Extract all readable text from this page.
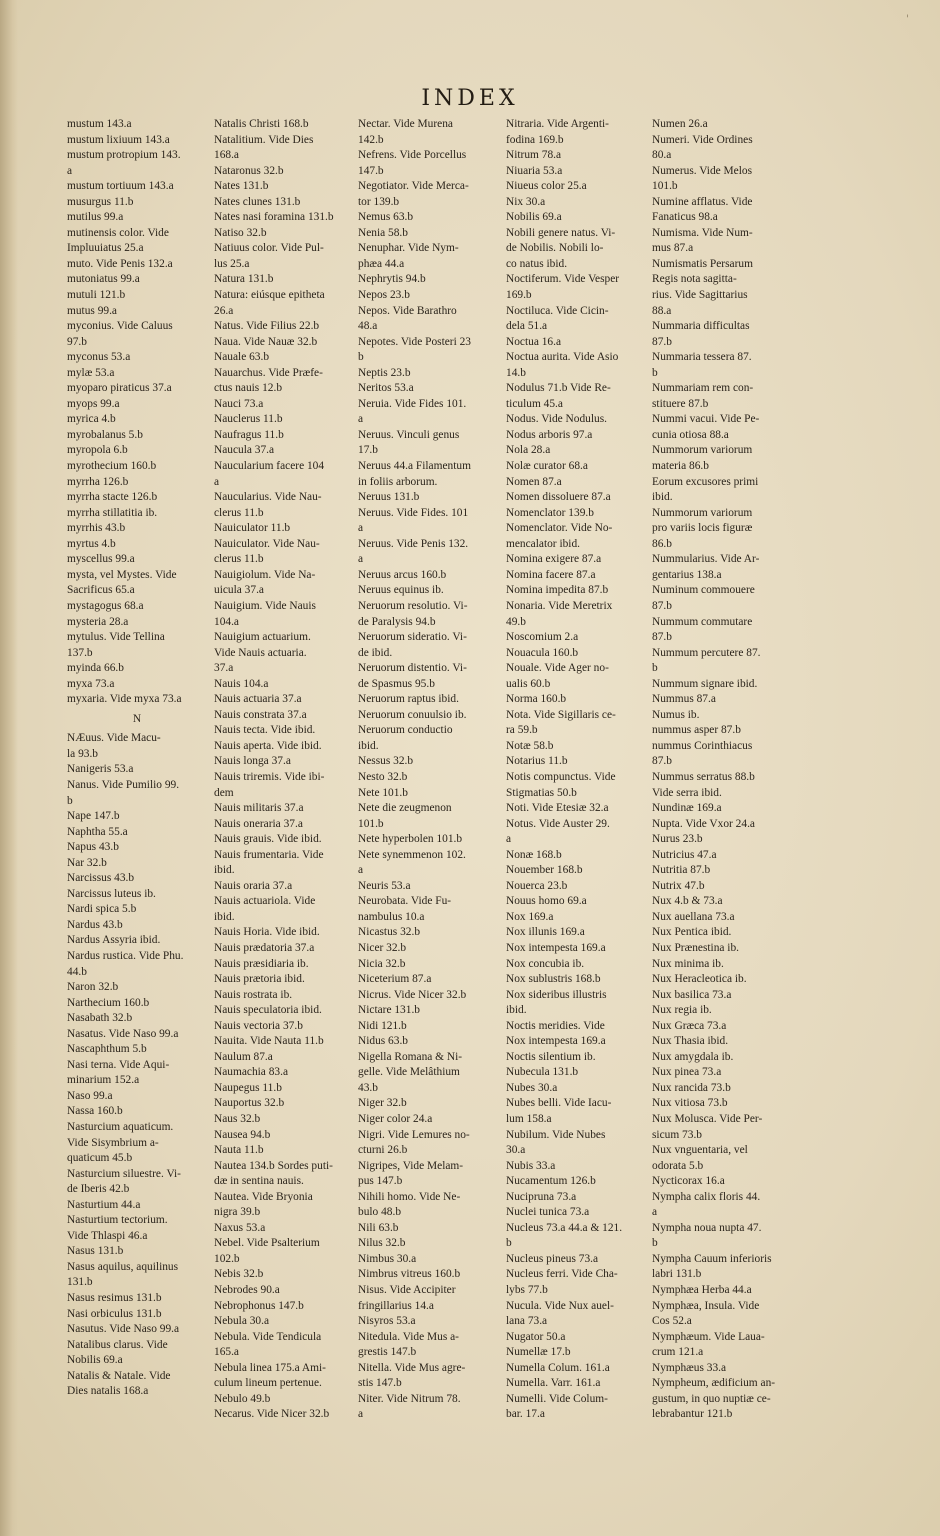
'
INDEX
mustum 143.a
mustum lixiuum 143.a
mustum protropium 143.
a
mustum tortiuum 143.a
musurgus 11.b
mutilus 99.a
mutinensis color. Vide
Impluuiatus 25.a
muto. Vide Penis 132.a
mutoniatus 99.a
mutuli 121.b
mutus 99.a
myconius. Vide Caluus
97.b
myconus 53.a
mylæ 53.a
myoparo piraticus 37.a
myops 99.a
myrica 4.b
myrobalanus 5.b
myropola 6.b
myrothecium 160.b
myrrha 126.b
myrrha stacte 126.b
myrrha stillatitia ib.
myrrhis 43.b
myrtus 4.b
myscellus 99.a
mysta, vel Mystes. Vide
Sacrificus 65.a
mystagogus 68.a
mysteria 28.a
mytulus. Vide Tellina
137.b
myinda 66.b
myxa 73.a
myxaria. Vide myxa 73.a
N
NÆuus. Vide Macu-
la 93.b
Nanigeris 53.a
Nanus. Vide Pumilio 99.
b
Nape 147.b
Naphtha 55.a
Napus 43.b
Nar 32.b
Narcissus 43.b
Narcissus luteus ib.
Nardi spica 5.b
Nardus 43.b
Nardus Assyria ibid.
Nardus rustica. Vide Phu.
44.b
Naron 32.b
Narthecium 160.b
Nasabath 32.b
Nasatus. Vide Naso 99.a
Nascaphthum 5.b
Nasi terna. Vide Aqui-
minarium 152.a
Naso 99.a
Nassa 160.b
Nasturcium aquaticum.
Vide Sisymbrium a-
quaticum 45.b
Nasturcium siluestre. Vi-
de Iberis 42.b
Nasturtium 44.a
Nasturtium tectorium.
Vide Thlaspi 46.a
Nasus 131.b
Nasus aquilus, aquilinus
131.b
Nasus resimus 131.b
Nasi orbiculus 131.b
Nasutus. Vide Naso 99.a
Natalibus clarus. Vide
Nobilis 69.a
Natalis & Natale. Vide
Dies natalis 168.a
Natalis Christi 168.b
Natalitium. Vide Dies
168.a
Nataronus 32.b
Nates 131.b
Nates clunes 131.b
Nates nasi foramina 131.b
Natiso 32.b
Natiuus color. Vide Pul-
lus 25.a
Natura 131.b
Natura: eiúsque epitheta
26.a
Natus. Vide Filius 22.b
Naua. Vide Nauæ 32.b
Nauale 63.b
Nauarchus. Vide Præfe-
ctus nauis 12.b
Nauci 73.a
Nauclerus 11.b
Naufragus 11.b
Naucula 37.a
Naucularium facere 104
a
Naucularius. Vide Nau-
clerus 11.b
Nauiculator 11.b
Nauiculator. Vide Nau-
clerus 11.b
Nauigiolum. Vide Na-
uicula 37.a
Nauigium. Vide Nauis
104.a
Nauigium actuarium.
Vide Nauis actuaria.
37.a
Nauis 104.a
Nauis actuaria 37.a
Nauis constrata 37.a
Nauis tecta. Vide ibid.
Nauis aperta. Vide ibid.
Nauis longa 37.a
Nauis triremis. Vide ibi-
dem
Nauis militaris 37.a
Nauis oneraria 37.a
Nauis grauis. Vide ibid.
Nauis frumentaria. Vide
ibid.
Nauis oraria 37.a
Nauis actuariola. Vide
ibid.
Nauis Horia. Vide ibid.
Nauis prædatoria 37.a
Nauis præsidiaria ib.
Nauis prætoria ibid.
Nauis rostrata ib.
Nauis speculatoria ibid.
Nauis vectoria 37.b
Nauita. Vide Nauta 11.b
Naulum 87.a
Naumachia 83.a
Naupegus 11.b
Nauportus 32.b
Naus 32.b
Nausea 94.b
Nauta 11.b
Nautea 134.b Sordes puti-
dæ in sentina nauis.
Nautea. Vide Bryonia
nigra 39.b
Naxus 53.a
Nebel. Vide Psalterium
102.b
Nebis 32.b
Nebrodes 90.a
Nebrophonus 147.b
Nebula 30.a
Nebula. Vide Tendicula
165.a
Nebula linea 175.a Ami-
culum lineum pertenue.
Nebulo 49.b
Necarus. Vide Nicer 32.b
Nectar. Vide Murena
142.b
Nefrens. Vide Porcellus
147.b
Negotiator. Vide Merca-
tor 139.b
Nemus 63.b
Nenia 58.b
Nenuphar. Vide Nym-
phæa 44.a
Nephrytis 94.b
Nepos 23.b
Nepos. Vide Barathro
48.a
Nepotes. Vide Posteri 23
b
Neptis 23.b
Neritos 53.a
Neruia. Vide Fides 101.
a
Neruus. Vinculi genus
17.b
Neruus 44.a Filamentum
in foliis arborum.
Neruus 131.b
Neruus. Vide Fides. 101
a
Neruus. Vide Penis 132.
a
Neruus arcus 160.b
Neruus equinus ib.
Neruorum resolutio. Vi-
de Paralysis 94.b
Neruorum sideratio. Vi-
de ibid.
Neruorum distentio. Vi-
de Spasmus 95.b
Neruorum raptus ibid.
Neruorum conuulsio ib.
Neruorum conductio
ibid.
Nessus 32.b
Nesto 32.b
Nete 101.b
Nete die zeugmenon
101.b
Nete hyperbolen 101.b
Nete synemmenon 102.
a
Neuris 53.a
Neurobata. Vide Fu-
nambulus 10.a
Nicastus 32.b
Nicer 32.b
Nicia 32.b
Niceterium 87.a
Nicrus. Vide Nicer 32.b
Nictare 131.b
Nidi 121.b
Nidus 63.b
Nigella Romana & Ni-
gelle. Vide Melâthium
43.b
Niger 32.b
Niger color 24.a
Nigri. Vide Lemures no-
cturni 26.b
Nigripes, Vide Melam-
pus 147.b
Nihili homo. Vide Ne-
bulo 48.b
Nili 63.b
Nilus 32.b
Nimbus 30.a
Nimbrus vitreus 160.b
Nisus. Vide Accipiter
fringillarius 14.a
Nisyros 53.a
Nitedula. Vide Mus a-
grestis 147.b
Nitella. Vide Mus agre-
stis 147.b
Niter. Vide Nitrum 78.
a
Nitraria. Vide Argenti-
fodina 169.b
Nitrum 78.a
Niuaria 53.a
Niueus color 25.a
Nix 30.a
Nobilis 69.a
Nobili genere natus. Vi-
de Nobilis. Nobili lo-
co natus ibid.
Noctiferum. Vide Vesper
169.b
Noctiluca. Vide Cicin-
dela 51.a
Noctua 16.a
Noctua aurita. Vide Asio
14.b
Nodulus 71.b Vide Re-
ticulum 45.a
Nodus. Vide Nodulus.
Nodus arboris 97.a
Nola 28.a
Nolæ curator 68.a
Nomen 87.a
Nomen dissoluere 87.a
Nomenclator 139.b
Nomenclator. Vide No-
mencalator ibid.
Nomina exigere 87.a
Nomina facere 87.a
Nomina impedita 87.b
Nonaria. Vide Meretrix
49.b
Noscomium 2.a
Nouacula 160.b
Nouale. Vide Ager no-
ualis 60.b
Norma 160.b
Nota. Vide Sigillaris ce-
ra 59.b
Notæ 58.b
Notarius 11.b
Notis compunctus. Vide
Stigmatias 50.b
Noti. Vide Etesiæ 32.a
Notus. Vide Auster 29.
a
Nonæ 168.b
Nouember 168.b
Nouerca 23.b
Nouus homo 69.a
Nox 169.a
Nox illunis 169.a
Nox intempesta 169.a
Nox concubia ib.
Nox sublustris 168.b
Nox sideribus illustris
ibid.
Noctis meridies. Vide
Nox intempesta 169.a
Noctis silentium ib.
Nubecula 131.b
Nubes 30.a
Nubes belli. Vide Iacu-
lum 158.a
Nubilum. Vide Nubes
30.a
Nubis 33.a
Nucamentum 126.b
Nucipruna 73.a
Nuclei tunica 73.a
Nucleus 73.a 44.a & 121.
b
Nucleus pineus 73.a
Nucleus ferri. Vide Cha-
lybs 77.b
Nucula. Vide Nux auel-
lana 73.a
Nugator 50.a
Numellæ 17.b
Numella Colum. 161.a
Numella. Varr. 161.a
Numelli. Vide Colum-
bar. 17.a
Numen 26.a
Numeri. Vide Ordines
80.a
Numerus. Vide Melos
101.b
Numine afflatus. Vide
Fanaticus 98.a
Numisma. Vide Num-
mus 87.a
Numismatis Persarum
Regis nota sagitta-
rius. Vide Sagittarius
88.a
Nummaria difficultas
87.b
Nummaria tessera 87.
b
Nummariam rem con-
stituere 87.b
Nummi vacui. Vide Pe-
cunia otiosa 88.a
Nummorum variorum
materia 86.b
Eorum excusores primi
ibid.
Nummorum variorum
pro variis locis figuræ
86.b
Nummularius. Vide Ar-
gentarius 138.a
Numinum commouere
87.b
Nummum commutare
87.b
Nummum percutere 87.
b
Nummum signare ibid.
Nummus 87.a
Numus ib.
nummus asper 87.b
nummus Corinthiacus
87.b
Nummus serratus 88.b
Vide serra ibid.
Nundinæ 169.a
Nupta. Vide Vxor 24.a
Nurus 23.b
Nutricius 47.a
Nutritia 87.b
Nutrix 47.b
Nux 4.b & 73.a
Nux auellana 73.a
Nux Pentica ibid.
Nux Prænestina ib.
Nux minima ib.
Nux Heracleotica ib.
Nux basilica 73.a
Nux regia ib.
Nux Græca 73.a
Nux Thasia ibid.
Nux amygdala ib.
Nux pinea 73.a
Nux rancida 73.b
Nux vitiosa 73.b
Nux Molusca. Vide Per-
sicum 73.b
Nux vnguentaria, vel
odorata 5.b
Nycticorax 16.a
Nympha calix floris 44.
a
Nympha noua nupta 47.
b
Nympha Cauum inferioris
labri 131.b
Nymphæa Herba 44.a
Nymphæa, Insula. Vide
Cos 52.a
Nymphæum. Vide Laua-
crum 121.a
Nymphæus 33.a
Nympheum, ædificium an-
gustum, in quo nuptiæ ce-
lebrabantur 121.b
